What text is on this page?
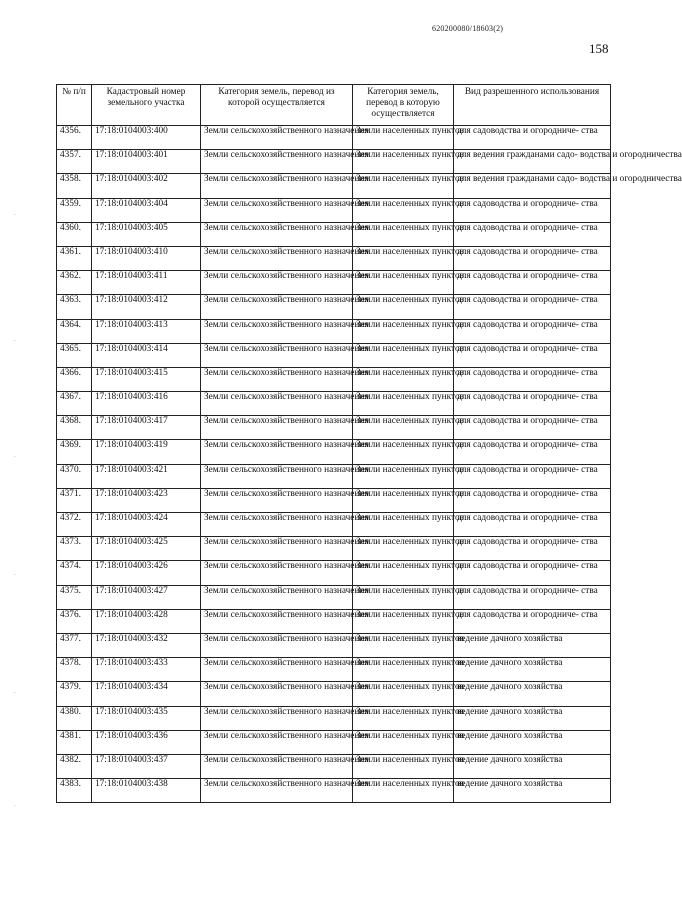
620200080/18603(2)
158
·
·
·
·
·
·
№ п/п	Кадастровый номер земельного участка	Категория земель, перевод из которой осуществляется	Категория земель, перевод в которую осуществляется	Вид разрешенного использования
4356.	17:18:0104003:400	Земли сельскохозяйственного назначения	Земли населенных пунктов	для садоводства и огородниче- ства
4357.	17:18:0104003:401	Земли сельскохозяйственного назначения	Земли населенных пунктов	для ведения гражданами садо- водства и огородничества
4358.	17:18:0104003:402	Земли сельскохозяйственного назначения	Земли населенных пунктов	для ведения гражданами садо- водства и огородничества
4359.	17:18:0104003:404	Земли сельскохозяйственного назначения	Земли населенных пунктов	для садоводства и огородниче- ства
4360.	17:18:0104003:405	Земли сельскохозяйственного назначения	Земли населенных пунктов	для садоводства и огородниче- ства
4361.	17:18:0104003:410	Земли сельскохозяйственного назначения	Земли населенных пунктов	для садоводства и огородниче- ства
4362.	17:18:0104003:411	Земли сельскохозяйственного назначения	Земли населенных пунктов	для садоводства и огородниче- ства
4363.	17:18:0104003:412	Земли сельскохозяйственного назначения	Земли населенных пунктов	для садоводства и огородниче- ства
4364.	17:18:0104003:413	Земли сельскохозяйственного назначения	Земли населенных пунктов	для садоводства и огородниче- ства
4365.	17:18:0104003:414	Земли сельскохозяйственного назначения	Земли населенных пунктов	для садоводства и огородниче- ства
4366.	17:18:0104003:415	Земли сельскохозяйственного назначения	Земли населенных пунктов	для садоводства и огородниче- ства
4367.	17:18:0104003:416	Земли сельскохозяйственного назначения	Земли населенных пунктов	для садоводства и огородниче- ства
4368.	17:18:0104003:417	Земли сельскохозяйственного назначения	Земли населенных пунктов	для садоводства и огородниче- ства
4369.	17:18:0104003:419	Земли сельскохозяйственного назначения	Земли населенных пунктов	для садоводства и огородниче- ства
4370.	17:18:0104003:421	Земли сельскохозяйственного назначения	Земли населенных пунктов	для садоводства и огородниче- ства
4371.	17:18:0104003:423	Земли сельскохозяйственного назначения	Земли населенных пунктов	для садоводства и огородниче- ства
4372.	17:18:0104003:424	Земли сельскохозяйственного назначения	Земли населенных пунктов	для садоводства и огородниче- ства
4373.	17:18:0104003:425	Земли сельскохозяйственного назначения	Земли населенных пунктов	для садоводства и огородниче- ства
4374.	17:18:0104003:426	Земли сельскохозяйственного назначения	Земли населенных пунктов	для садоводства и огородниче- ства
4375.	17:18:0104003:427	Земли сельскохозяйственного назначения	Земли населенных пунктов	для садоводства и огородниче- ства
4376.	17:18:0104003:428	Земли сельскохозяйственного назначения	Земли населенных пунктов	для садоводства и огородниче- ства
4377.	17:18:0104003:432	Земли сельскохозяйственного назначения	Земли населенных пунктов	ведение дачного хозяйства
4378.	17:18:0104003:433	Земли сельскохозяйственного назначения	Земли населенных пунктов	ведение дачного хозяйства
4379.	17:18:0104003:434	Земли сельскохозяйственного назначения	Земли населенных пунктов	ведение дачного хозяйства
4380.	17:18:0104003:435	Земли сельскохозяйственного назначения	Земли населенных пунктов	ведение дачного хозяйства
4381.	17:18:0104003:436	Земли сельскохозяйственного назначения	Земли населенных пунктов	ведение дачного хозяйства
4382.	17:18:0104003:437	Земли сельскохозяйственного назначения	Земли населенных пунктов	ведение дачного хозяйства
4383.	17:18:0104003:438	Земли сельскохозяйственного назначения	Земли населенных пунктов	ведение дачного хозяйства
